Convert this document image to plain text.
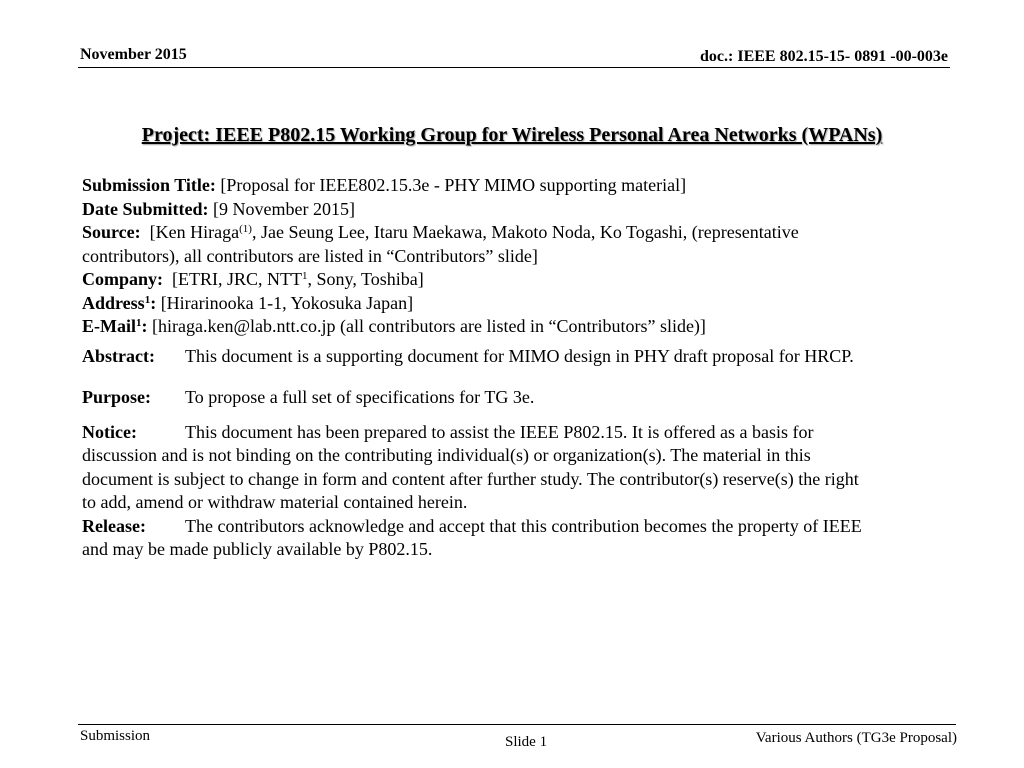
November 2015	doc.: IEEE 802.15-15- 0891 -00-003e
Project: IEEE P802.15 Working Group for Wireless Personal Area Networks (WPANs)
Submission Title: [Proposal for IEEE802.15.3e - PHY MIMO supporting material]
Date Submitted: [9 November 2015]
Source: [Ken Hiraga$^{(1)}$, Jae Seung Lee, Itaru Maekawa, Makoto Noda, Ko Togashi, (representative
contributors), all contributors are listed in “Contributors” slide]
Company: [ETRI, JRC, NTT$^1$, Sony, Toshiba]
Address$^1$: [Hirarinooka 1-1, Yokosuka Japan]
E-Mail$^1$: [hiraga.ken@lab.ntt.co.jp (all contributors are listed in “Contributors” slide)]
Abstract: This document is a supporting document for MIMO design in PHY draft proposal for HRCP.
Purpose: To propose a full set of specifications for TG 3e.
Notice:	This document has been prepared to assist the IEEE P802.15. It is offered as a basis for
discussion and is not binding on the contributing individual(s) or organization(s). The material in this
document is subject to change in form and content after further study. The contributor(s) reserve(s) the right
to add, amend or withdraw material contained herein.
Release: The contributors acknowledge and accept that this contribution becomes the property of IEEE
and may be made publicly available by P802.15.
Submission	Slide 1	Various Authors (TG3e Proposal)
